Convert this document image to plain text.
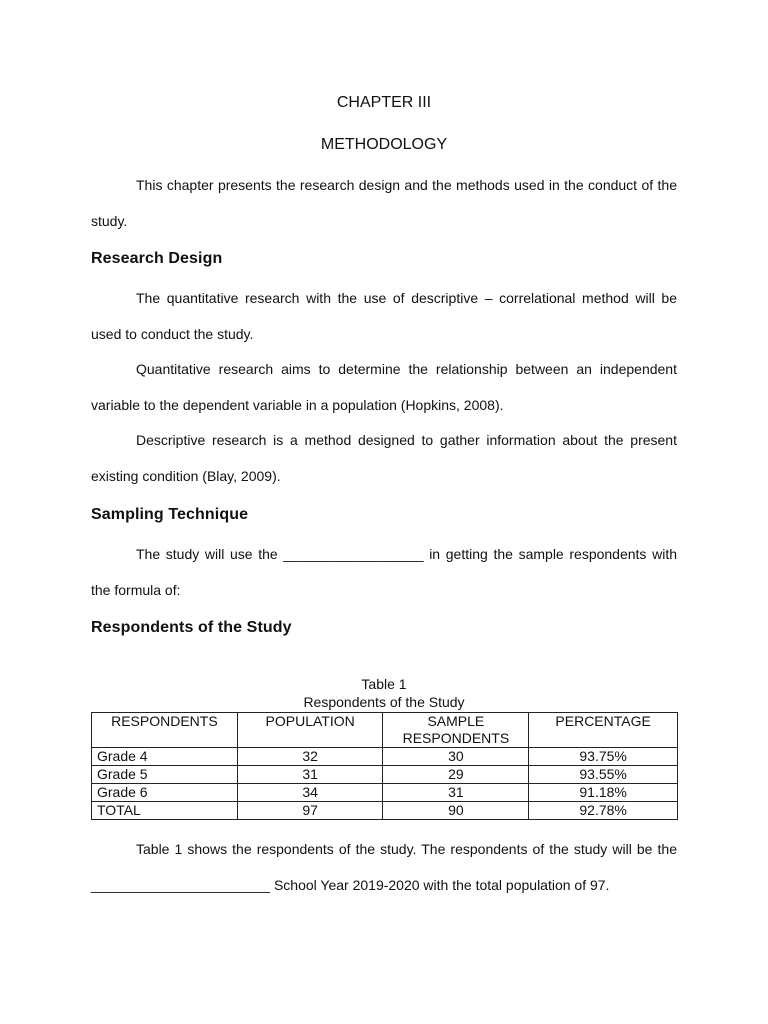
CHAPTER III
METHODOLOGY

This chapter presents the research design and the methods used in the conduct of the study.

Research Design

The quantitative research with the use of descriptive – correlational method will be used to conduct the study.

Quantitative research aims to determine the relationship between an independent variable to the dependent variable in a population (Hopkins, 2008).

Descriptive research is a method designed to gather information about the present existing condition (Blay, 2009).

Sampling Technique

The study will use the __________________ in getting the sample respondents with the formula of:

Respondents of the Study
Table 1
Respondents of the Study
RESPONDENTS	POPULATION	SAMPLE RESPONDENTS	PERCENTAGE
Grade 4	32	30	93.75%
Grade 5	31	29	93.55%
Grade 6	34	31	91.18%
TOTAL	97	90	92.78%

Table 1 shows the respondents of the study. The respondents of the study will be the _______________________ School Year 2019-2020 with the total population of 97.
